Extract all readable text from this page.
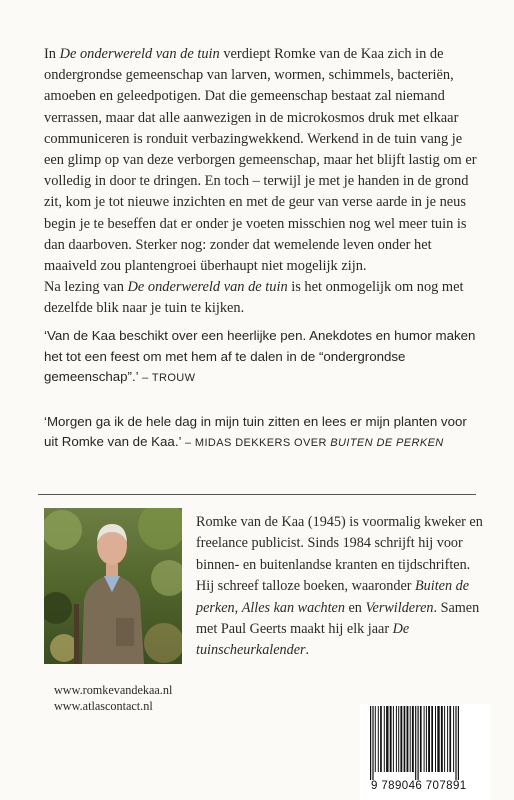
In De onderwereld van de tuin verdiept Romke van de Kaa zich in de ondergrondse gemeenschap van larven, wormen, schimmels, bacteriën, amoeben en geleedpotigen. Dat die gemeenschap bestaat zal niemand verrassen, maar dat alle aanwezigen in de microkosmos druk met elkaar communiceren is ronduit verbazingwekkend. Werkend in de tuin vang je een glimp op van deze verborgen gemeenschap, maar het blijft lastig om er volledig in door te dringen. En toch – terwijl je met je handen in de grond zit, kom je tot nieuwe inzichten en met de geur van verse aarde in je neus begin je te beseffen dat er onder je voeten misschien nog wel meer tuin is dan daarboven. Sterker nog: zonder dat wemelende leven onder het maaiveld zou plantengroei überhaupt niet mogelijk zijn.

Na lezing van De onderwereld van de tuin is het onmogelijk om nog met dezelfde blik naar je tuin te kijken.

‘Van de Kaa beschikt over een heerlijke pen. Anekdotes en humor maken het tot een feest om met hem af te dalen in de “ondergrondse gemeenschap”.’ – TROUW
‘Morgen ga ik de hele dag in mijn tuin zitten en lees er mijn planten voor uit Romke van de Kaa.’ – MIDAS DEKKERS OVER BUITEN DE PERKEN
Romke van de Kaa (1945) is voormalig kweker en freelance publicist. Sinds 1984 schrijft hij voor binnen- en buitenlandse kranten en tijdschriften. Hij schreef talloze boeken, waaronder Buiten de perken, Alles kan wachten en Verwilderen. Samen met Paul Geerts maakt hij elk jaar De tuinscheurkalender.
www.romkevandekaa.nl
www.atlascontact.nl
9 789046 707891
